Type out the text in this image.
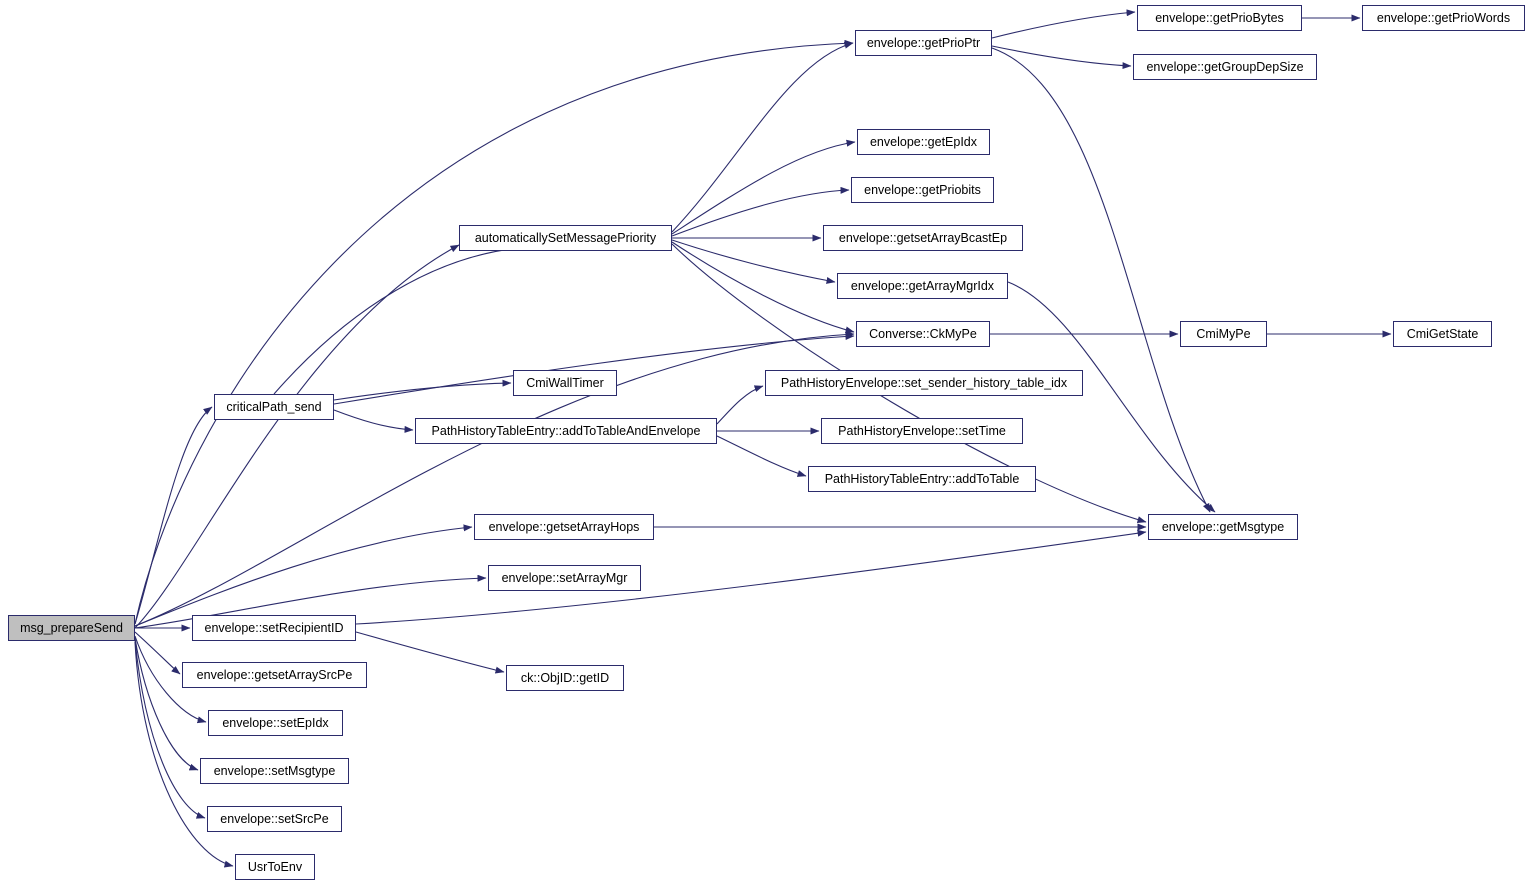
msg_prepareSend
automaticallySetMessagePriority
envelope::getPrioPtr
envelope::getPrioBytes	envelope::getPrioWords
envelope::getGroupDepSize
envelope::getEpIdx
envelope::getPriobits
envelope::getsetArrayBcastEp
envelope::getArrayMgrIdx
Converse::CkMyPe	CmiMyPe	CmiGetState
criticalPath_send
CmiWallTimer
PathHistoryTableEntry::addToTableAndEnvelope
PathHistoryEnvelope::set_sender_history_table_idx
PathHistoryEnvelope::setTime
PathHistoryTableEntry::addToTable
envelope::getsetArrayHops	envelope::getMsgtype
envelope::setArrayMgr
envelope::setRecipientID
ck::ObjID::getID
envelope::getsetArraySrcPe
envelope::setEpIdx
envelope::setMsgtype
envelope::setSrcPe
UsrToEnv
